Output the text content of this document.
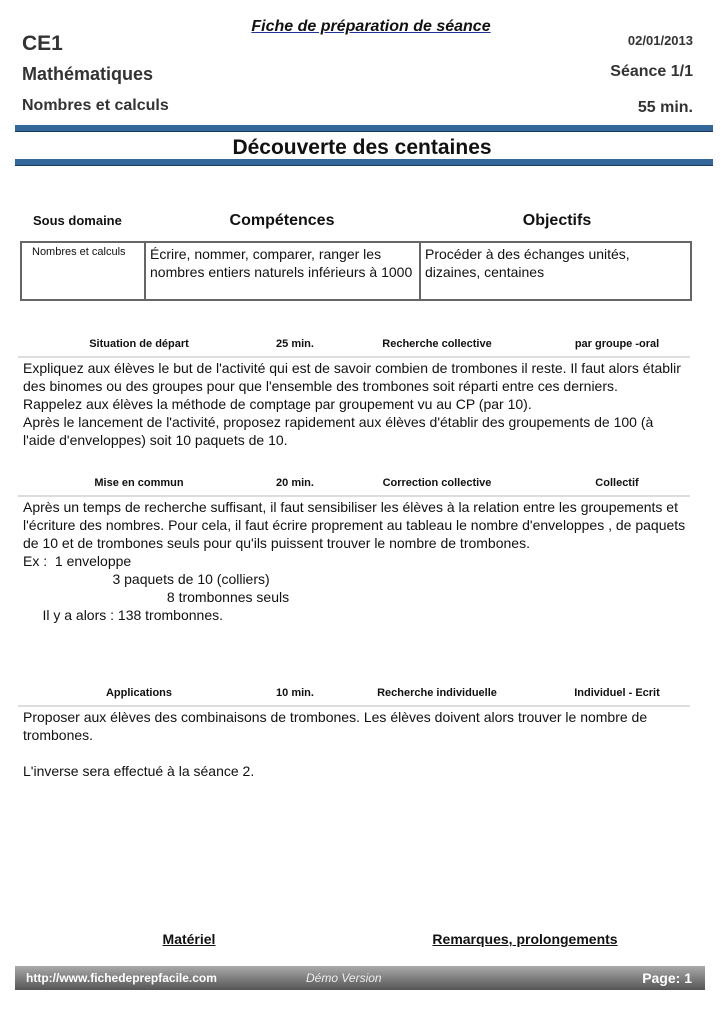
Fiche de préparation de séance
CE1	02/01/2013
Mathématiques	Séance 1/1
Nombres et calculs	55 min.
Découverte des centaines
Sous domaine	Compétences	Objectifs
Nombres et calculs	Écrire, nommer, comparer, ranger les nombres entiers naturels inférieurs à 1000	Procéder à des échanges unités, dizaines, centaines
Situation de départ	25 min.	Recherche collective	par groupe -oral
Expliquez aux élèves le but de l'activité qui est de savoir combien de trombones il reste. Il faut alors établir des binomes ou des groupes pour que l'ensemble des trombones soit réparti entre ces derniers.
Rappelez aux élèves la méthode de comptage par groupement vu au CP (par 10).
Après le lancement de l'activité, proposez rapidement aux élèves d'établir des groupements de 100 (à l'aide d'enveloppes) soit 10 paquets de 10.
Mise en commun	20 min.	Correction collective	Collectif
Après un temps de recherche suffisant, il faut sensibiliser les élèves à la relation entre les groupements et l'écriture des nombres. Pour cela, il faut écrire proprement au tableau le nombre d'enveloppes , de paquets de 10 et de trombones seuls pour qu'ils puissent trouver le nombre de trombones.
Ex :  1 enveloppe
3 paquets de 10 (colliers)
8 trombonnes seuls
Il y a alors : 138 trombonnes.
Applications	10 min.	Recherche individuelle	Individuel - Ecrit
Proposer aux élèves des combinaisons de trombones. Les élèves doivent alors trouver le nombre de trombones.

L'inverse sera effectué à la séance 2.
Matériel	Remarques, prolongements
http://www.fichedeprepfacile.com	Démo Version	Page: 1
